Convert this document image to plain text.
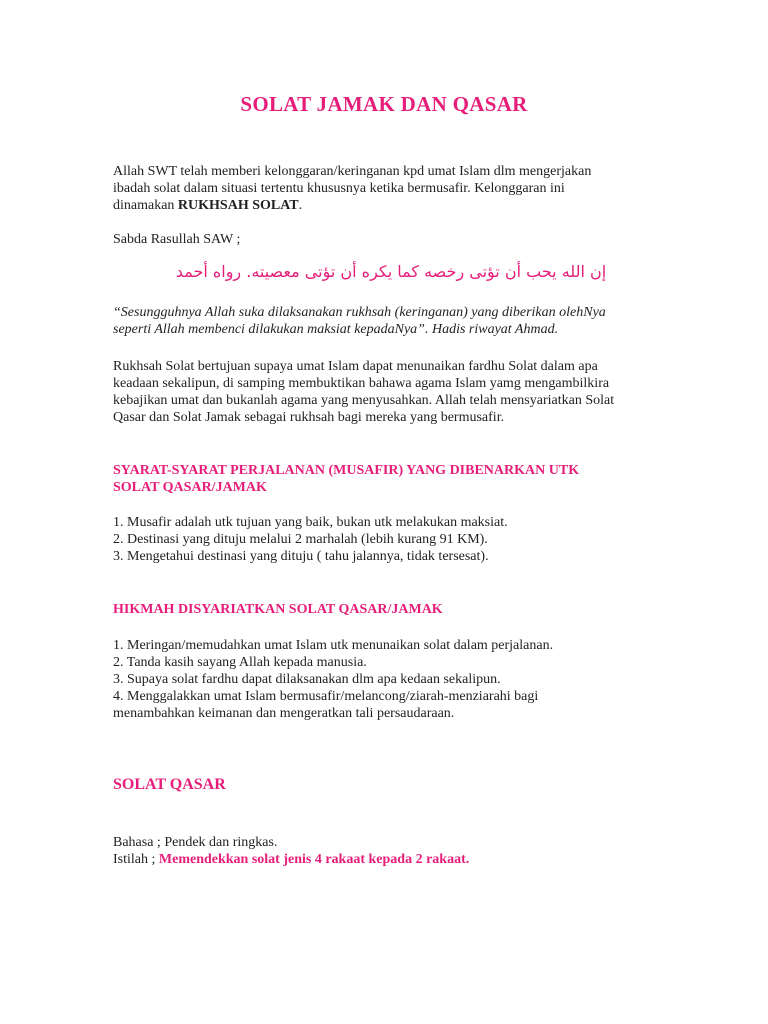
SOLAT JAMAK DAN QASAR

Allah SWT telah memberi kelonggaran/keringanan kpd umat Islam dlm mengerjakan

ibadah solat dalam situasi tertentu khususnya ketika bermusafir. Kelonggaran ini

dinamakan RUKHSAH SOLAT.

Sabda Rasullah SAW ;

إن الله يحب أن تؤتى رخصه كما يكره أن تؤتى معصيته. رواه أحمد

“Sesungguhnya Allah suka dilaksanakan rukhsah (keringanan) yang diberikan olehNya

seperti Allah membenci dilakukan maksiat kepadaNya”. Hadis riwayat Ahmad.

Rukhsah Solat bertujuan supaya umat Islam dapat menunaikan fardhu Solat dalam apa

keadaan sekalipun, di samping membuktikan bahawa agama Islam yamg mengambilkira

kebajikan umat dan bukanlah agama yang menyusahkan. Allah telah mensyariatkan Solat

Qasar dan Solat Jamak sebagai rukhsah bagi mereka yang bermusafir.

SYARAT-SYARAT PERJALANAN (MUSAFIR) YANG DIBENARKAN UTK

SOLAT QASAR/JAMAK

1. Musafir adalah utk tujuan yang baik, bukan utk melakukan maksiat.

2. Destinasi yang dituju melalui 2 marhalah (lebih kurang 91 KM).

3. Mengetahui destinasi yang dituju ( tahu jalannya, tidak tersesat).

HIKMAH DISYARIATKAN SOLAT QASAR/JAMAK

1. Meringan/memudahkan umat Islam utk menunaikan solat dalam perjalanan.

2. Tanda kasih sayang Allah kepada manusia.

3. Supaya solat fardhu dapat dilaksanakan dlm apa kedaan sekalipun.

4. Menggalakkan umat Islam bermusafir/melancong/ziarah-menziarahi bagi

menambahkan keimanan dan mengeratkan tali persaudaraan.

SOLAT QASAR

Bahasa ; Pendek dan ringkas.

Istilah ; Memendekkan solat jenis 4 rakaat kepada 2 rakaat.
